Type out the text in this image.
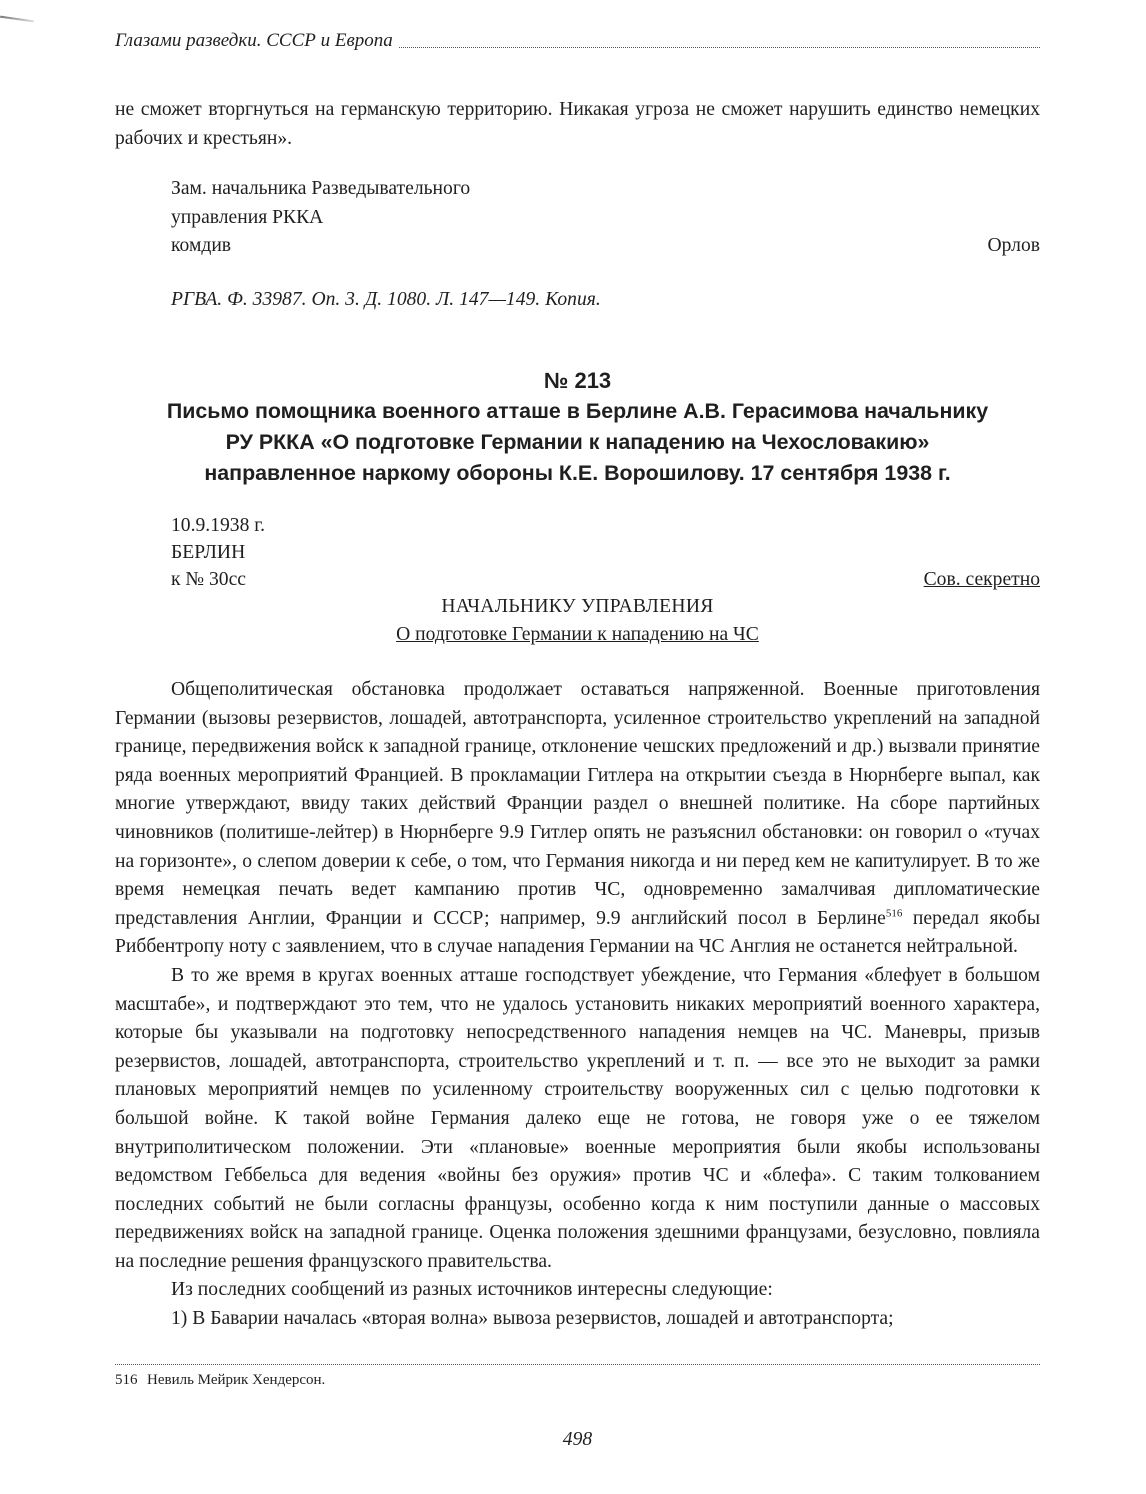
Глазами разведки. СССР и Европа

не сможет вторгнуться на германскую территорию. Никакая угроза не сможет нарушить единство немецких рабочих и крестьян».

Зам. начальника Разведывательного
управления РККА
комдив	Орлов
РГВА. Ф. 33987. Оп. 3. Д. 1080. Л. 147—149. Копия.
№ 213
Письмо помощника военного атташе в Берлине А.В. Герасимова начальнику
РУ РККА «О подготовке Германии к нападению на Чехословакию»
направленное наркому обороны К.Е. Ворошилову. 17 сентября 1938 г.
10.9.1938 г.
БЕРЛИН
к № 30сс	Сов. секретно
НАЧАЛЬНИКУ УПРАВЛЕНИЯ
О подготовке Германии к нападению на ЧС

Общеполитическая обстановка продолжает оставаться напряженной. Военные приготовления Германии (вызовы резервистов, лошадей, автотранспорта, усиленное строительство укреплений на западной границе, передвижения войск к западной границе, отклонение чешских предложений и др.) вызвали принятие ряда военных мероприятий Францией. В прокламации Гитлера на открытии съезда в Нюрнберге выпал, как многие утверждают, ввиду таких действий Франции раздел о внешней политике. На сборе партийных чиновников (политише-лейтер) в Нюрнберге 9.9 Гитлер опять не разъяснил обстановки: он говорил о «тучах на горизонте», о слепом доверии к себе, о том, что Германия никогда и ни перед кем не капитулирует. В то же время немецкая печать ведет кампанию против ЧС, одновременно замалчивая дипломатические представления Англии, Франции и СССР; например, 9.9 английский посол в Берлине$^{516}$ передал якобы Риббентропу ноту с заявлением, что в случае нападения Германии на ЧС Англия не останется нейтральной.

В то же время в кругах военных атташе господствует убеждение, что Германия «блефует в большом масштабе», и подтверждают это тем, что не удалось установить никаких мероприятий военного характера, которые бы указывали на подготовку непосредственного нападения немцев на ЧС. Маневры, призыв резервистов, лошадей, автотранспорта, строительство укреплений и т. п. — все это не выходит за рамки плановых мероприятий немцев по усиленному строительству вооруженных сил с целью подготовки к большой войне. К такой войне Германия далеко еще не готова, не говоря уже о ее тяжелом внутриполитическом положении. Эти «плановые» военные мероприятия были якобы использованы ведомством Геббельса для ведения «войны без оружия» против ЧС и «блефа». С таким толкованием последних событий не были согласны французы, особенно когда к ним поступили данные о массовых передвижениях войск на западной границе. Оценка положения здешними французами, безусловно, повлияла на последние решения французского правительства.

Из последних сообщений из разных источников интересны следующие:

1) В Баварии началась «вторая волна» вывоза резервистов, лошадей и автотранспорта;

516 Невиль Мейрик Хендерсон.
498
